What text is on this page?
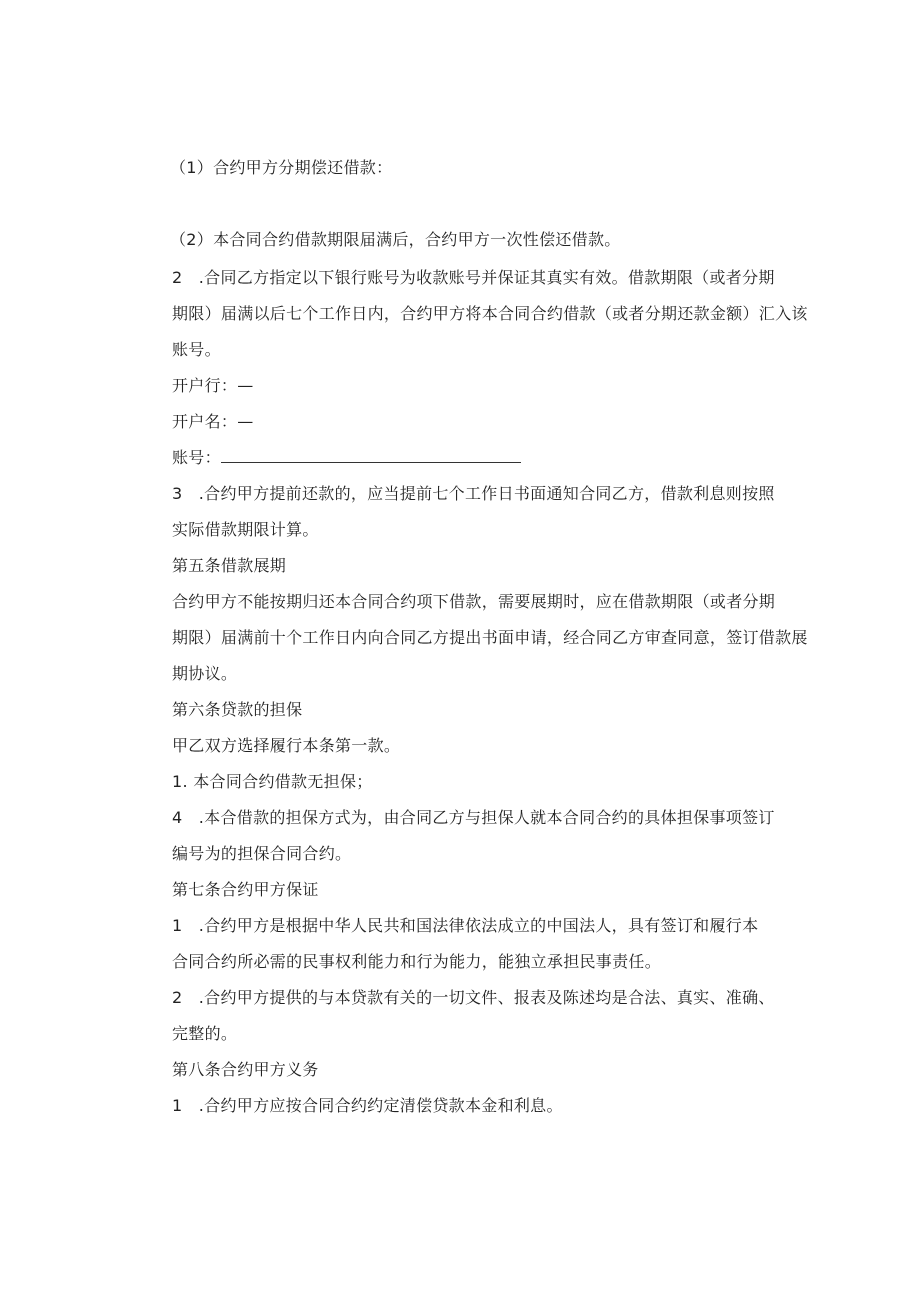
（1）合约甲方分期偿还借款：
（2）本合同合约借款期限届满后，合约甲方一次性偿还借款。
2　.合同乙方指定以下银行账号为收款账号并保证其真实有效。借款期限（或者分期
期限）届满以后七个工作日内，合约甲方将本合同合约借款（或者分期还款金额）汇入该
账号。
开户行：—
开户名：—
账号：
3　.合约甲方提前还款的，应当提前七个工作日书面通知合同乙方，借款利息则按照
实际借款期限计算。
第五条借款展期
合约甲方不能按期归还本合同合约项下借款，需要展期时，应在借款期限（或者分期
期限）届满前十个工作日内向合同乙方提出书面申请，经合同乙方审查同意，签订借款展
期协议。
第六条贷款的担保
甲乙双方选择履行本条第一款。
1. 本合同合约借款无担保；
4　.本合借款的担保方式为，由合同乙方与担保人就本合同合约的具体担保事项签订
编号为的担保合同合约。
第七条合约甲方保证
1　.合约甲方是根据中华人民共和国法律依法成立的中国法人，具有签订和履行本
合同合约所必需的民事权利能力和行为能力，能独立承担民事责任。
2　.合约甲方提供的与本贷款有关的一切文件、报表及陈述均是合法、真实、准确、
完整的。
第八条合约甲方义务
1　.合约甲方应按合同合约约定清偿贷款本金和利息。
